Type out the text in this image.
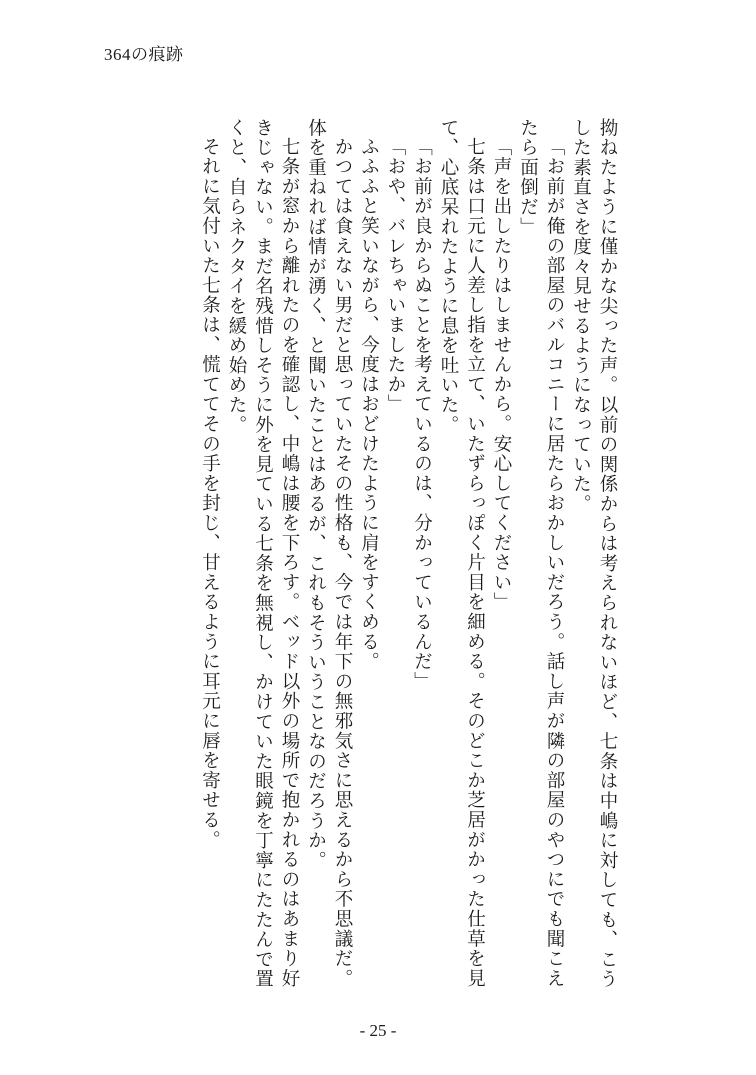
364の痕跡

拗ねたように僅かな尖った声。以前の関係からは考えられないほど、七条は中嶋に対しても、こうした素直さを度々見せるようになっていた。

「お前が俺の部屋のバルコニーに居たらおかしいだろう。話し声が隣の部屋のやつにでも聞こえたら面倒だ」

「声を出したりはしませんから。安心してください」

七条は口元に人差し指を立て、いたずらっぽく片目を細める。そのどこか芝居がかった仕草を見て、心底呆れたように息を吐いた。

「お前が良からぬことを考えているのは、分かっているんだ」

「おや、バレちゃいましたか」

ふふふと笑いながら、今度はおどけたように肩をすくめる。

かつては食えない男だと思っていたその性格も、今では年下の無邪気さに思えるから不思議だ。体を重ねれば情が湧く、と聞いたことはあるが、これもそういうことなのだろうか。

七条が窓から離れたのを確認し、中嶋は腰を下ろす。ベッド以外の場所で抱かれるのはあまり好きじゃない。まだ名残惜しそうに外を見ている七条を無視し、かけていた眼鏡を丁寧にたたんで置くと、自らネクタイを緩め始めた。

それに気付いた七条は、慌ててその手を封じ、甘えるように耳元に唇を寄せる。

- 25 -
